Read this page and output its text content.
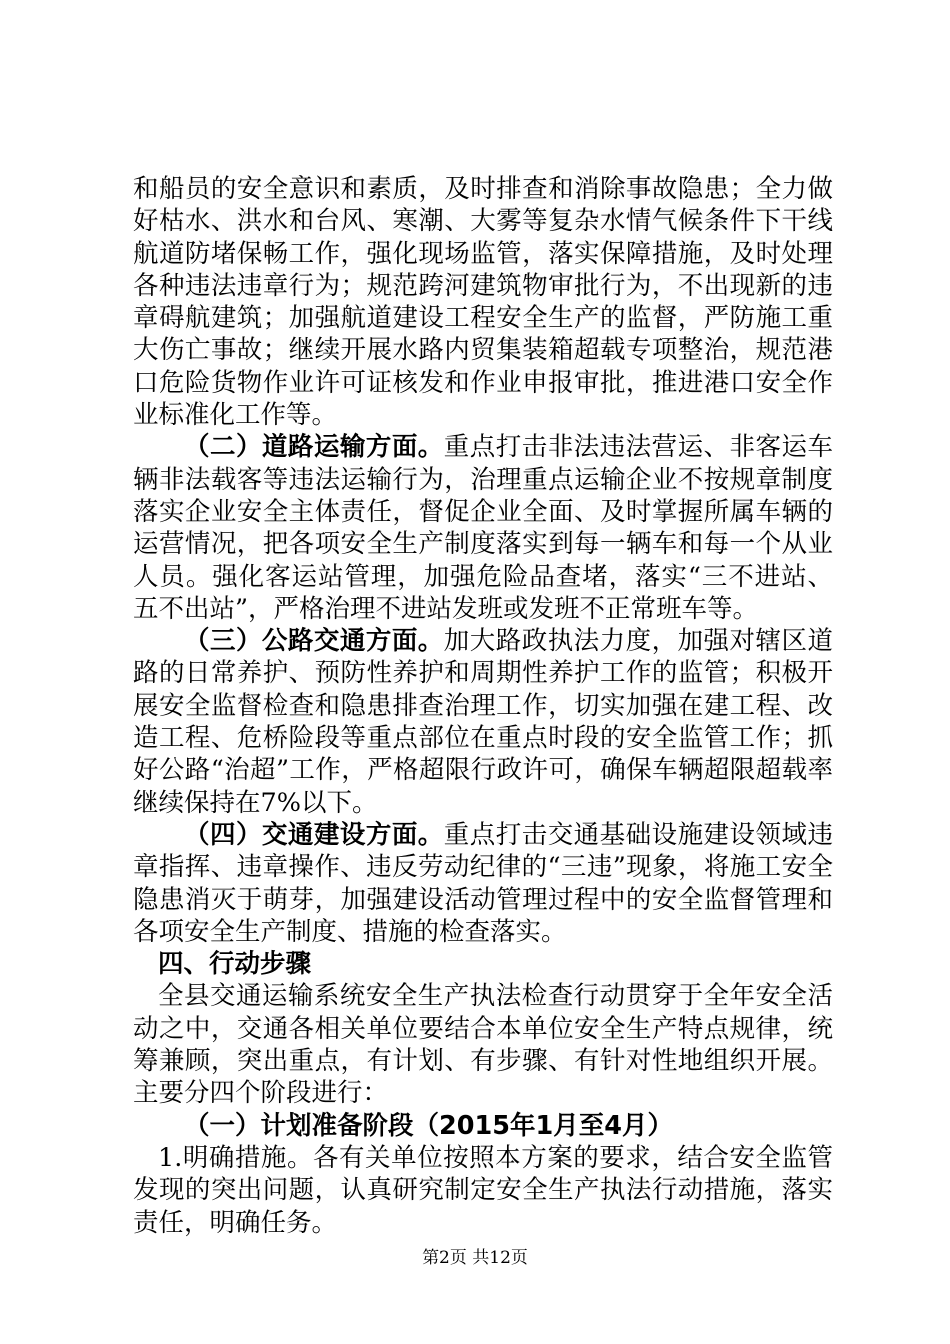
和船员的安全意识和素质，及时排查和消除事故隐患；全力做好枯水、洪水和台风、寒潮、大雾等复杂水情气候条件下干线航道防堵保畅工作，强化现场监管，落实保障措施，及时处理各种违法违章行为；规范跨河建筑物审批行为，不出现新的违章碍航建筑；加强航道建设工程安全生产的监督，严防施工重大伤亡事故；继续开展水路内贸集装箱超载专项整治，规范港口危险货物作业许可证核发和作业申报审批，推进港口安全作业标准化工作等。

（二）道路运输方面。重点打击非法违法营运、非客运车辆非法载客等违法运输行为，治理重点运输企业不按规章制度落实企业安全主体责任，督促企业全面、及时掌握所属车辆的运营情况，把各项安全生产制度落实到每一辆车和每一个从业人员。强化客运站管理，加强危险品查堵，落实“三不进站、五不出站”，严格治理不进站发班或发班不正常班车等。

（三）公路交通方面。加大路政执法力度，加强对辖区道路的日常养护、预防性养护和周期性养护工作的监管；积极开展安全监督检查和隐患排查治理工作，切实加强在建工程、改造工程、危桥险段等重点部位在重点时段的安全监管工作；抓好公路“治超”工作，严格超限行政许可，确保车辆超限超载率继续保持在7%以下。

（四）交通建设方面。重点打击交通基础设施建设领域违章指挥、违章操作、违反劳动纪律的“三违”现象，将施工安全隐患消灭于萌芽，加强建设活动管理过程中的安全监督管理和各项安全生产制度、措施的检查落实。

四、行动步骤

全县交通运输系统安全生产执法检查行动贯穿于全年安全活动之中，交通各相关单位要结合本单位安全生产特点规律，统筹兼顾，突出重点，有计划、有步骤、有针对性地组织开展。主要分四个阶段进行：

（一）计划准备阶段（2015年1月至4月）

1.明确措施。各有关单位按照本方案的要求，结合安全监管发现的突出问题，认真研究制定安全生产执法行动措施，落实责任，明确任务。

第2页 共12页
